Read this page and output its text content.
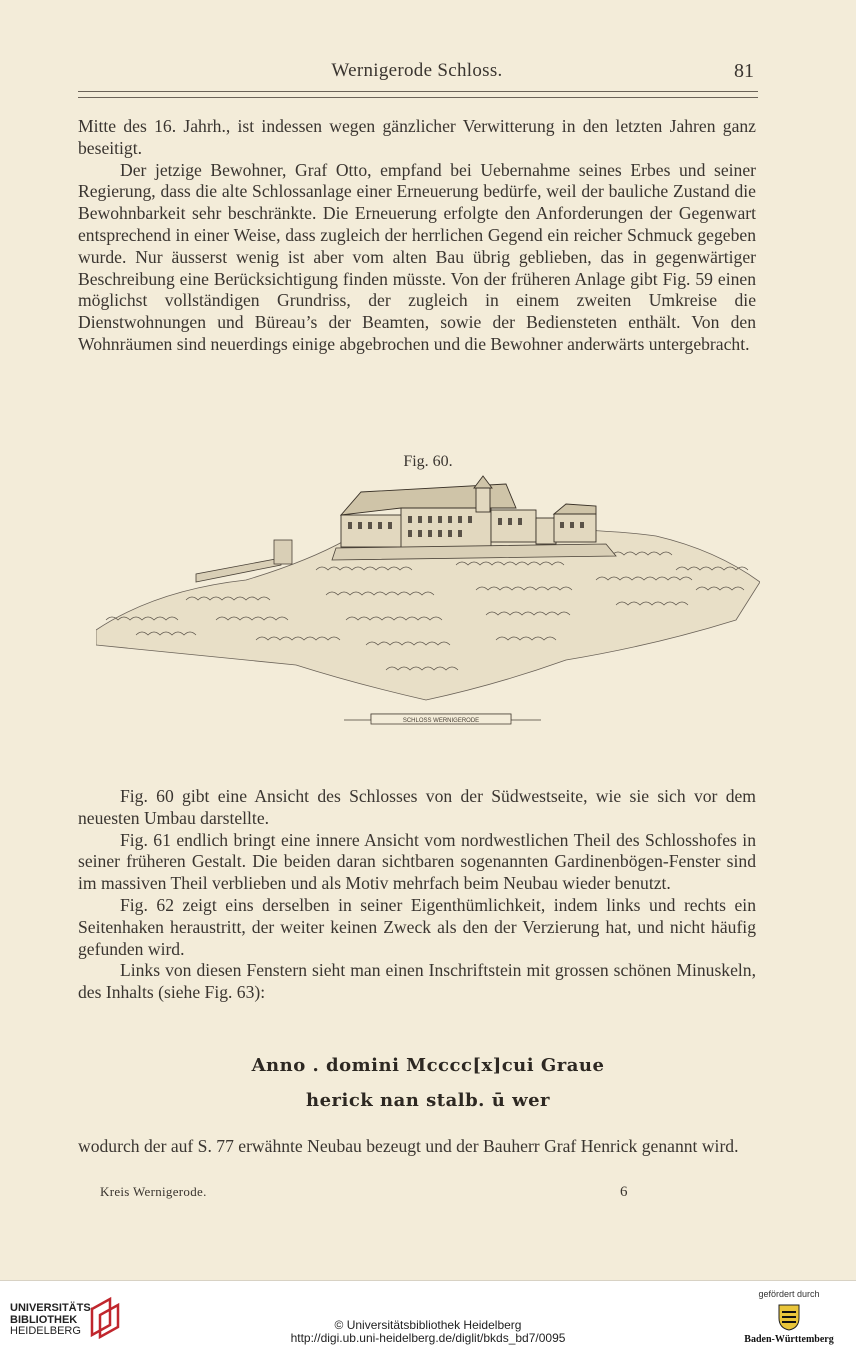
Wernigerode Schloss.	81

Mitte des 16. Jahrh., ist indessen wegen gänzlicher Verwitterung in den letzten Jahren ganz beseitigt.

Der jetzige Bewohner, Graf Otto, empfand bei Uebernahme seines Erbes und seiner Regierung, dass die alte Schlossanlage einer Erneuerung bedürfe, weil der bauliche Zustand die Bewohnbarkeit sehr beschränkte. Die Erneuerung erfolgte den Anforderungen der Gegenwart entsprechend in einer Weise, dass zugleich der herrlichen Gegend ein reicher Schmuck gegeben wurde. Nur äusserst wenig ist aber vom alten Bau übrig geblieben, das in gegenwärtiger Beschreibung eine Berücksichtigung finden müsste. Von der früheren Anlage gibt Fig. 59 einen möglichst vollständigen Grundriss, der zugleich in einem zweiten Umkreise die Dienstwohnungen und Büreau’s der Beamten, sowie der Bediensteten enthält. Von den Wohnräumen sind neuerdings einige abgebrochen und die Bewohner anderwärts untergebracht.

Fig. 60.
SCHLOSS WERNIGERODE

Fig. 60 gibt eine Ansicht des Schlosses von der Südwestseite, wie sie sich vor dem neuesten Umbau darstellte.

Fig. 61 endlich bringt eine innere Ansicht vom nordwestlichen Theil des Schlosshofes in seiner früheren Gestalt. Die beiden daran sichtbaren sogenannten Gardinenbögen-Fenster sind im massiven Theil verblieben und als Motiv mehrfach beim Neubau wieder benutzt.

Fig. 62 zeigt eins derselben in seiner Eigenthümlichkeit, indem links und rechts ein Seitenhaken heraustritt, der weiter keinen Zweck als den der Verzierung hat, und nicht häufig gefunden wird.

Links von diesen Fenstern sieht man einen Inschriftstein mit grossen schönen Minuskeln, des Inhalts (siehe Fig. 63):

Anno . domini Mcccc[x]cui Graue
herick nan stalb. ū wer

wodurch der auf S. 77 erwähnte Neubau bezeugt und der Bauherr Graf Henrick genannt wird.

Kreis Wernigerode.	6
UNIVERSITÄTS-
BIBLIOTHEK
HEIDELBERG	© Universitätsbibliothek Heidelberg
http://digi.ub.uni-heidelberg.de/diglit/bkds_bd7/0095
gefördert durch
Baden-Württemberg
